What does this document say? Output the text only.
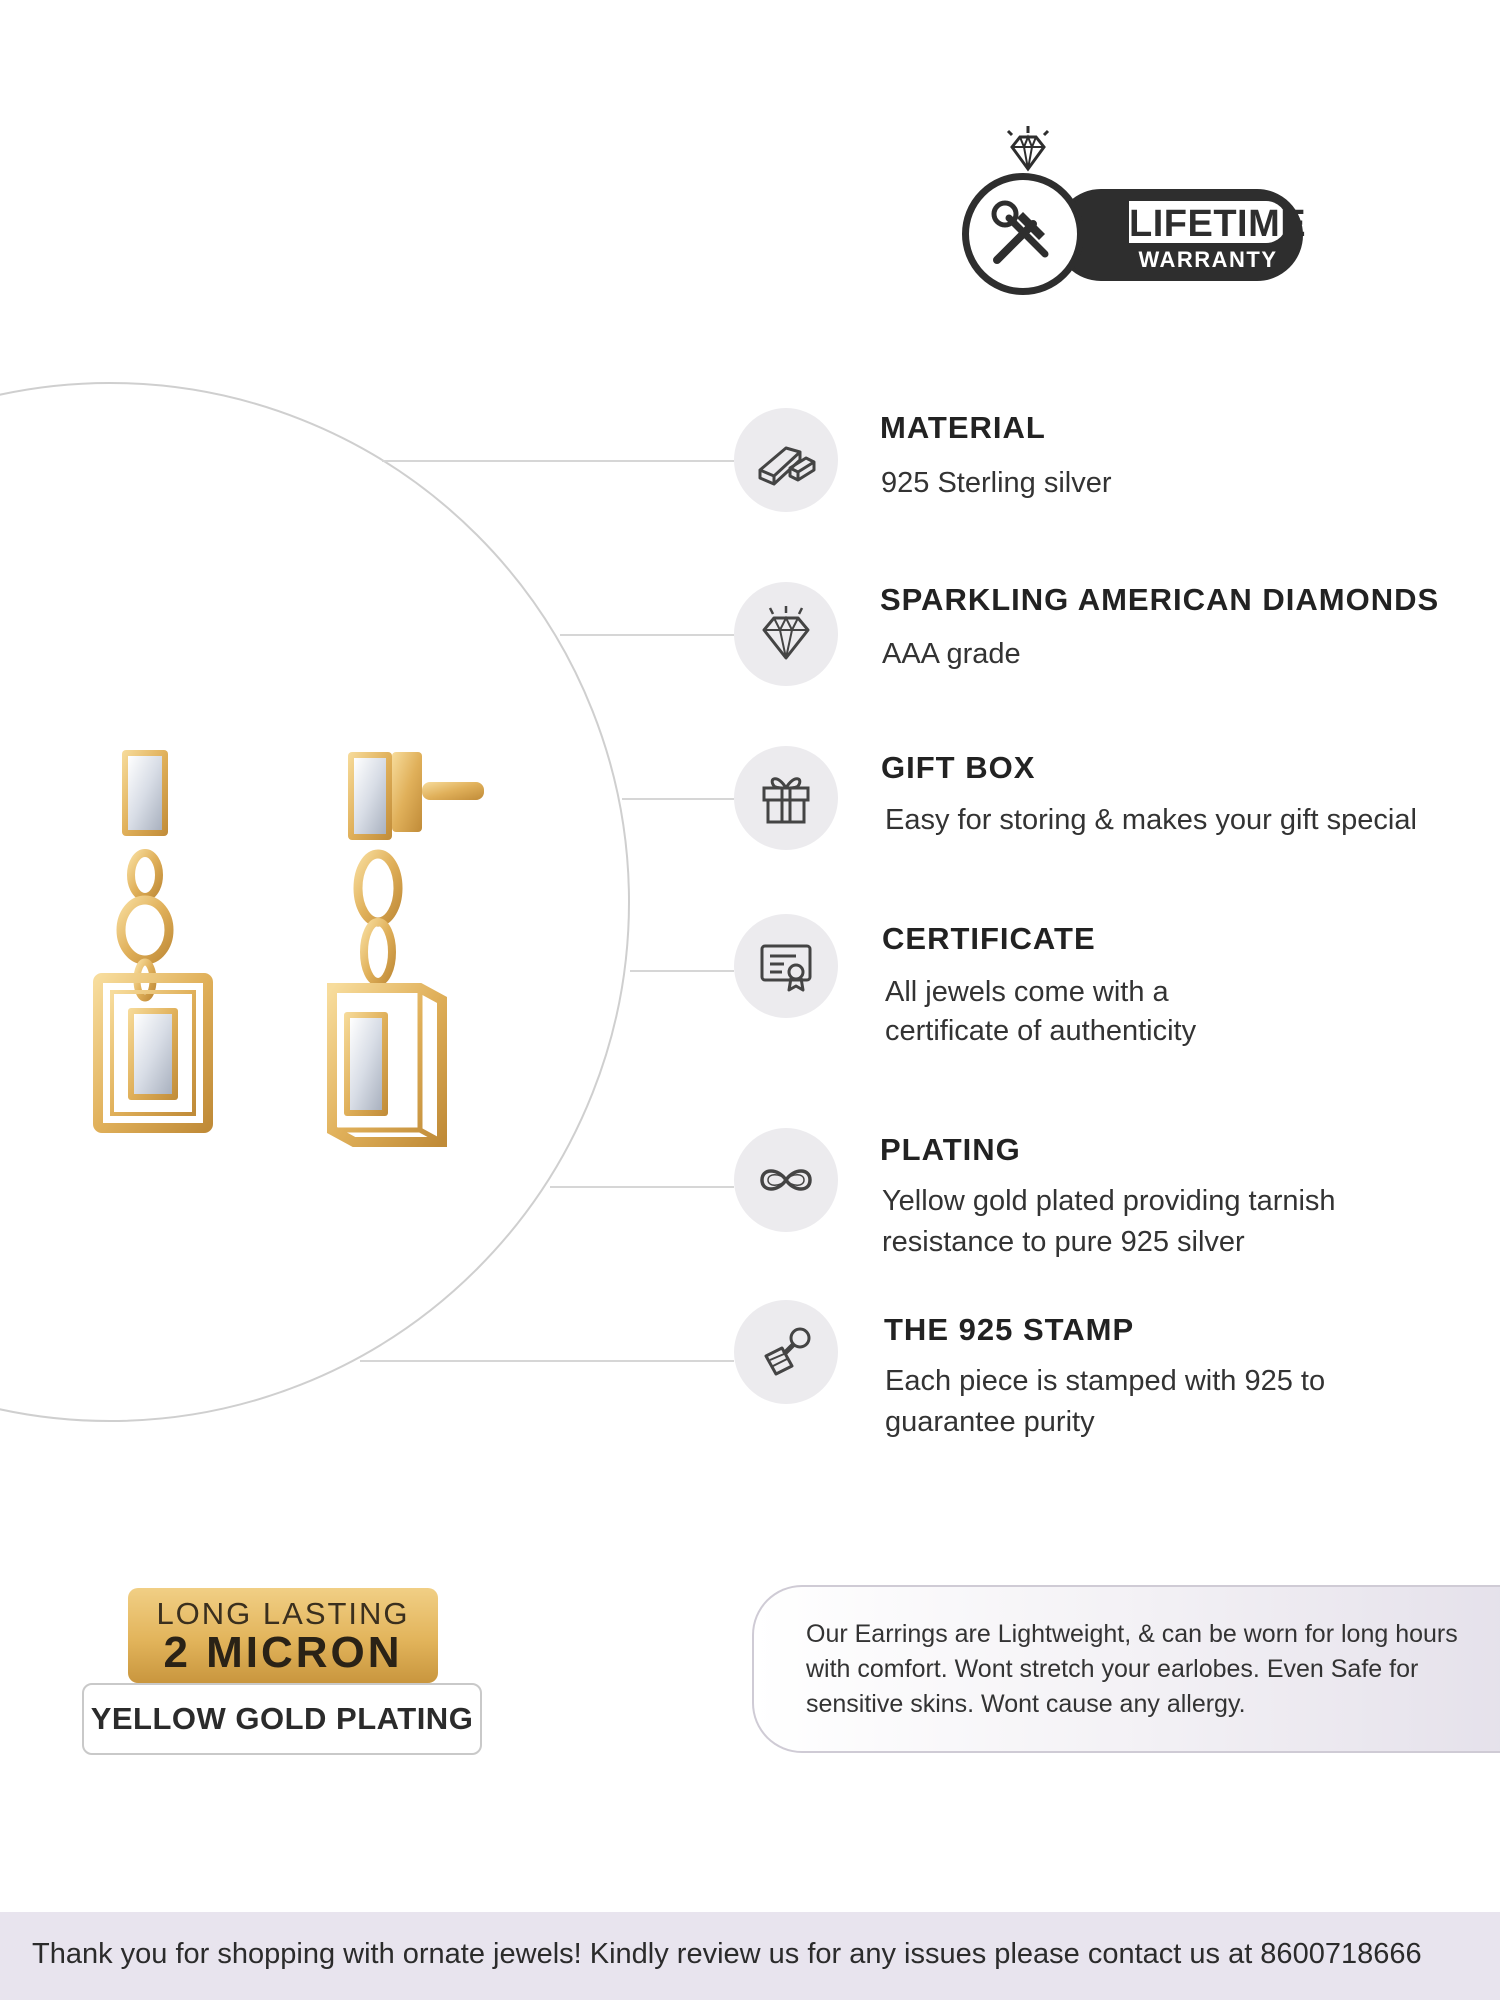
LIFETIME
WARRANTY
MATERIAL
925 Sterling silver
SPARKLING AMERICAN DIAMONDS
AAA grade
GIFT BOX
Easy for storing & makes your gift special
CERTIFICATE
All jewels come with a
certificate of authenticity
PLATING
Yellow gold plated providing tarnish
resistance to pure 925 silver
THE 925 STAMP
Each piece is stamped with 925 to
guarantee purity
LONG LASTING
2 MICRON
YELLOW GOLD PLATING
Our Earrings are Lightweight, & can be worn for long hours with comfort. Wont stretch your earlobes. Even Safe for sensitive skins. Wont cause any allergy.
Thank you for shopping with ornate jewels! Kindly review us for any issues please contact us at 8600718666
